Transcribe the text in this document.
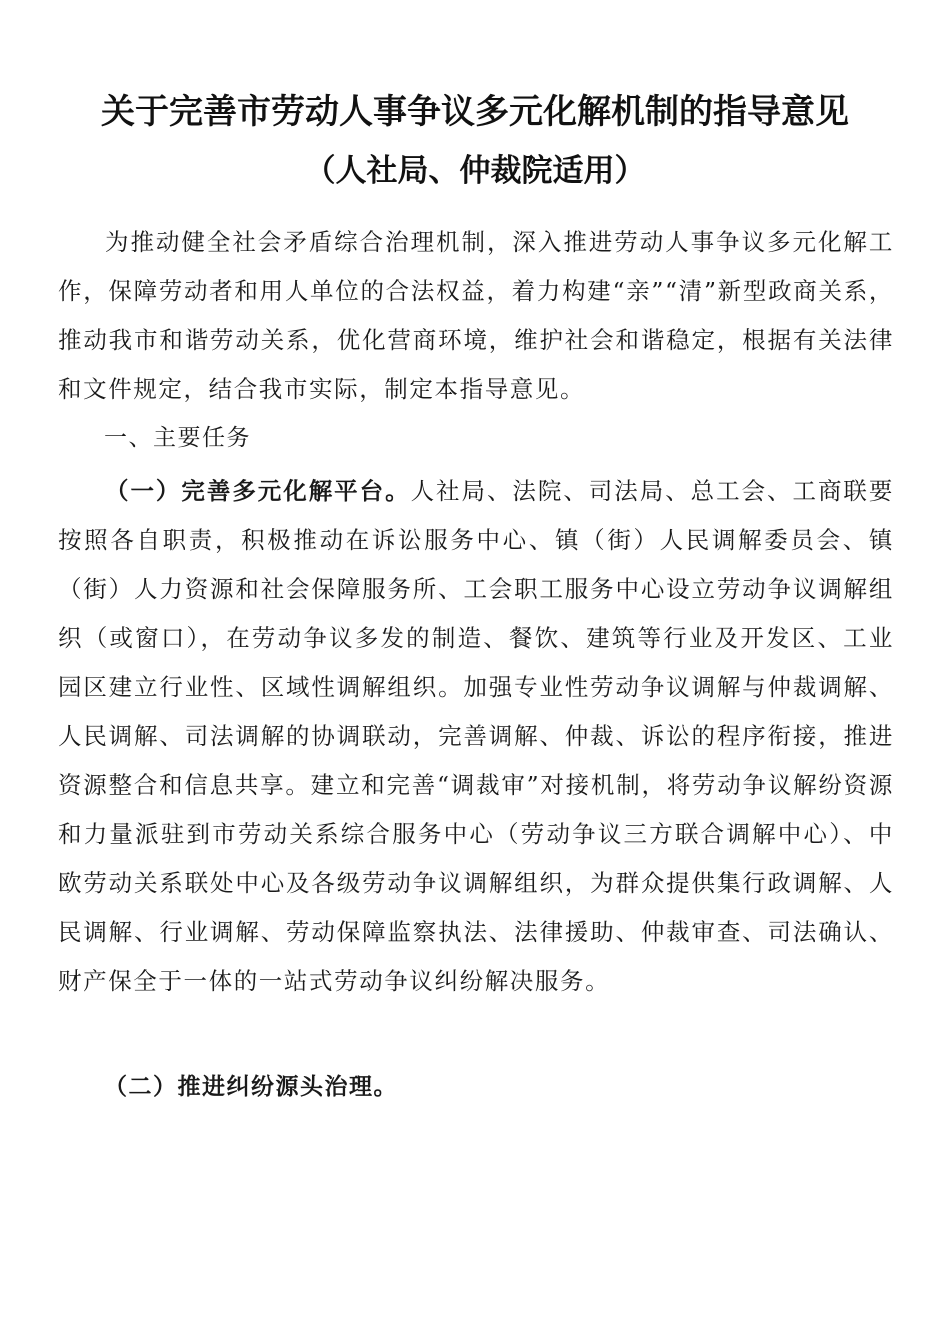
关于完善市劳动人事争议多元化解机制的指导意见
（人社局、仲裁院适用）

为推动健全社会矛盾综合治理机制，深入推进劳动人事争议多元化解工作，保障劳动者和用人单位的合法权益，着力构建“亲”“清”新型政商关系，推动我市和谐劳动关系，优化营商环境，维护社会和谐稳定，根据有关法律和文件规定，结合我市实际，制定本指导意见。

一、主要任务

（一）完善多元化解平台。人社局、法院、司法局、总工会、工商联要按照各自职责，积极推动在诉讼服务中心、镇（街）人民调解委员会、镇（街）人力资源和社会保障服务所、工会职工服务中心设立劳动争议调解组织（或窗口），在劳动争议多发的制造、餐饮、建筑等行业及开发区、工业园区建立行业性、区域性调解组织。加强专业性劳动争议调解与仲裁调解、人民调解、司法调解的协调联动，完善调解、仲裁、诉讼的程序衔接，推进资源整合和信息共享。建立和完善“调裁审”对接机制，将劳动争议解纷资源和力量派驻到市劳动关系综合服务中心（劳动争议三方联合调解中心）、中欧劳动关系联处中心及各级劳动争议调解组织，为群众提供集行政调解、人民调解、行业调解、劳动保障监察执法、法律援助、仲裁审查、司法确认、财产保全于一体的一站式劳动争议纠纷解决服务。

（二）推进纠纷源头治理。
